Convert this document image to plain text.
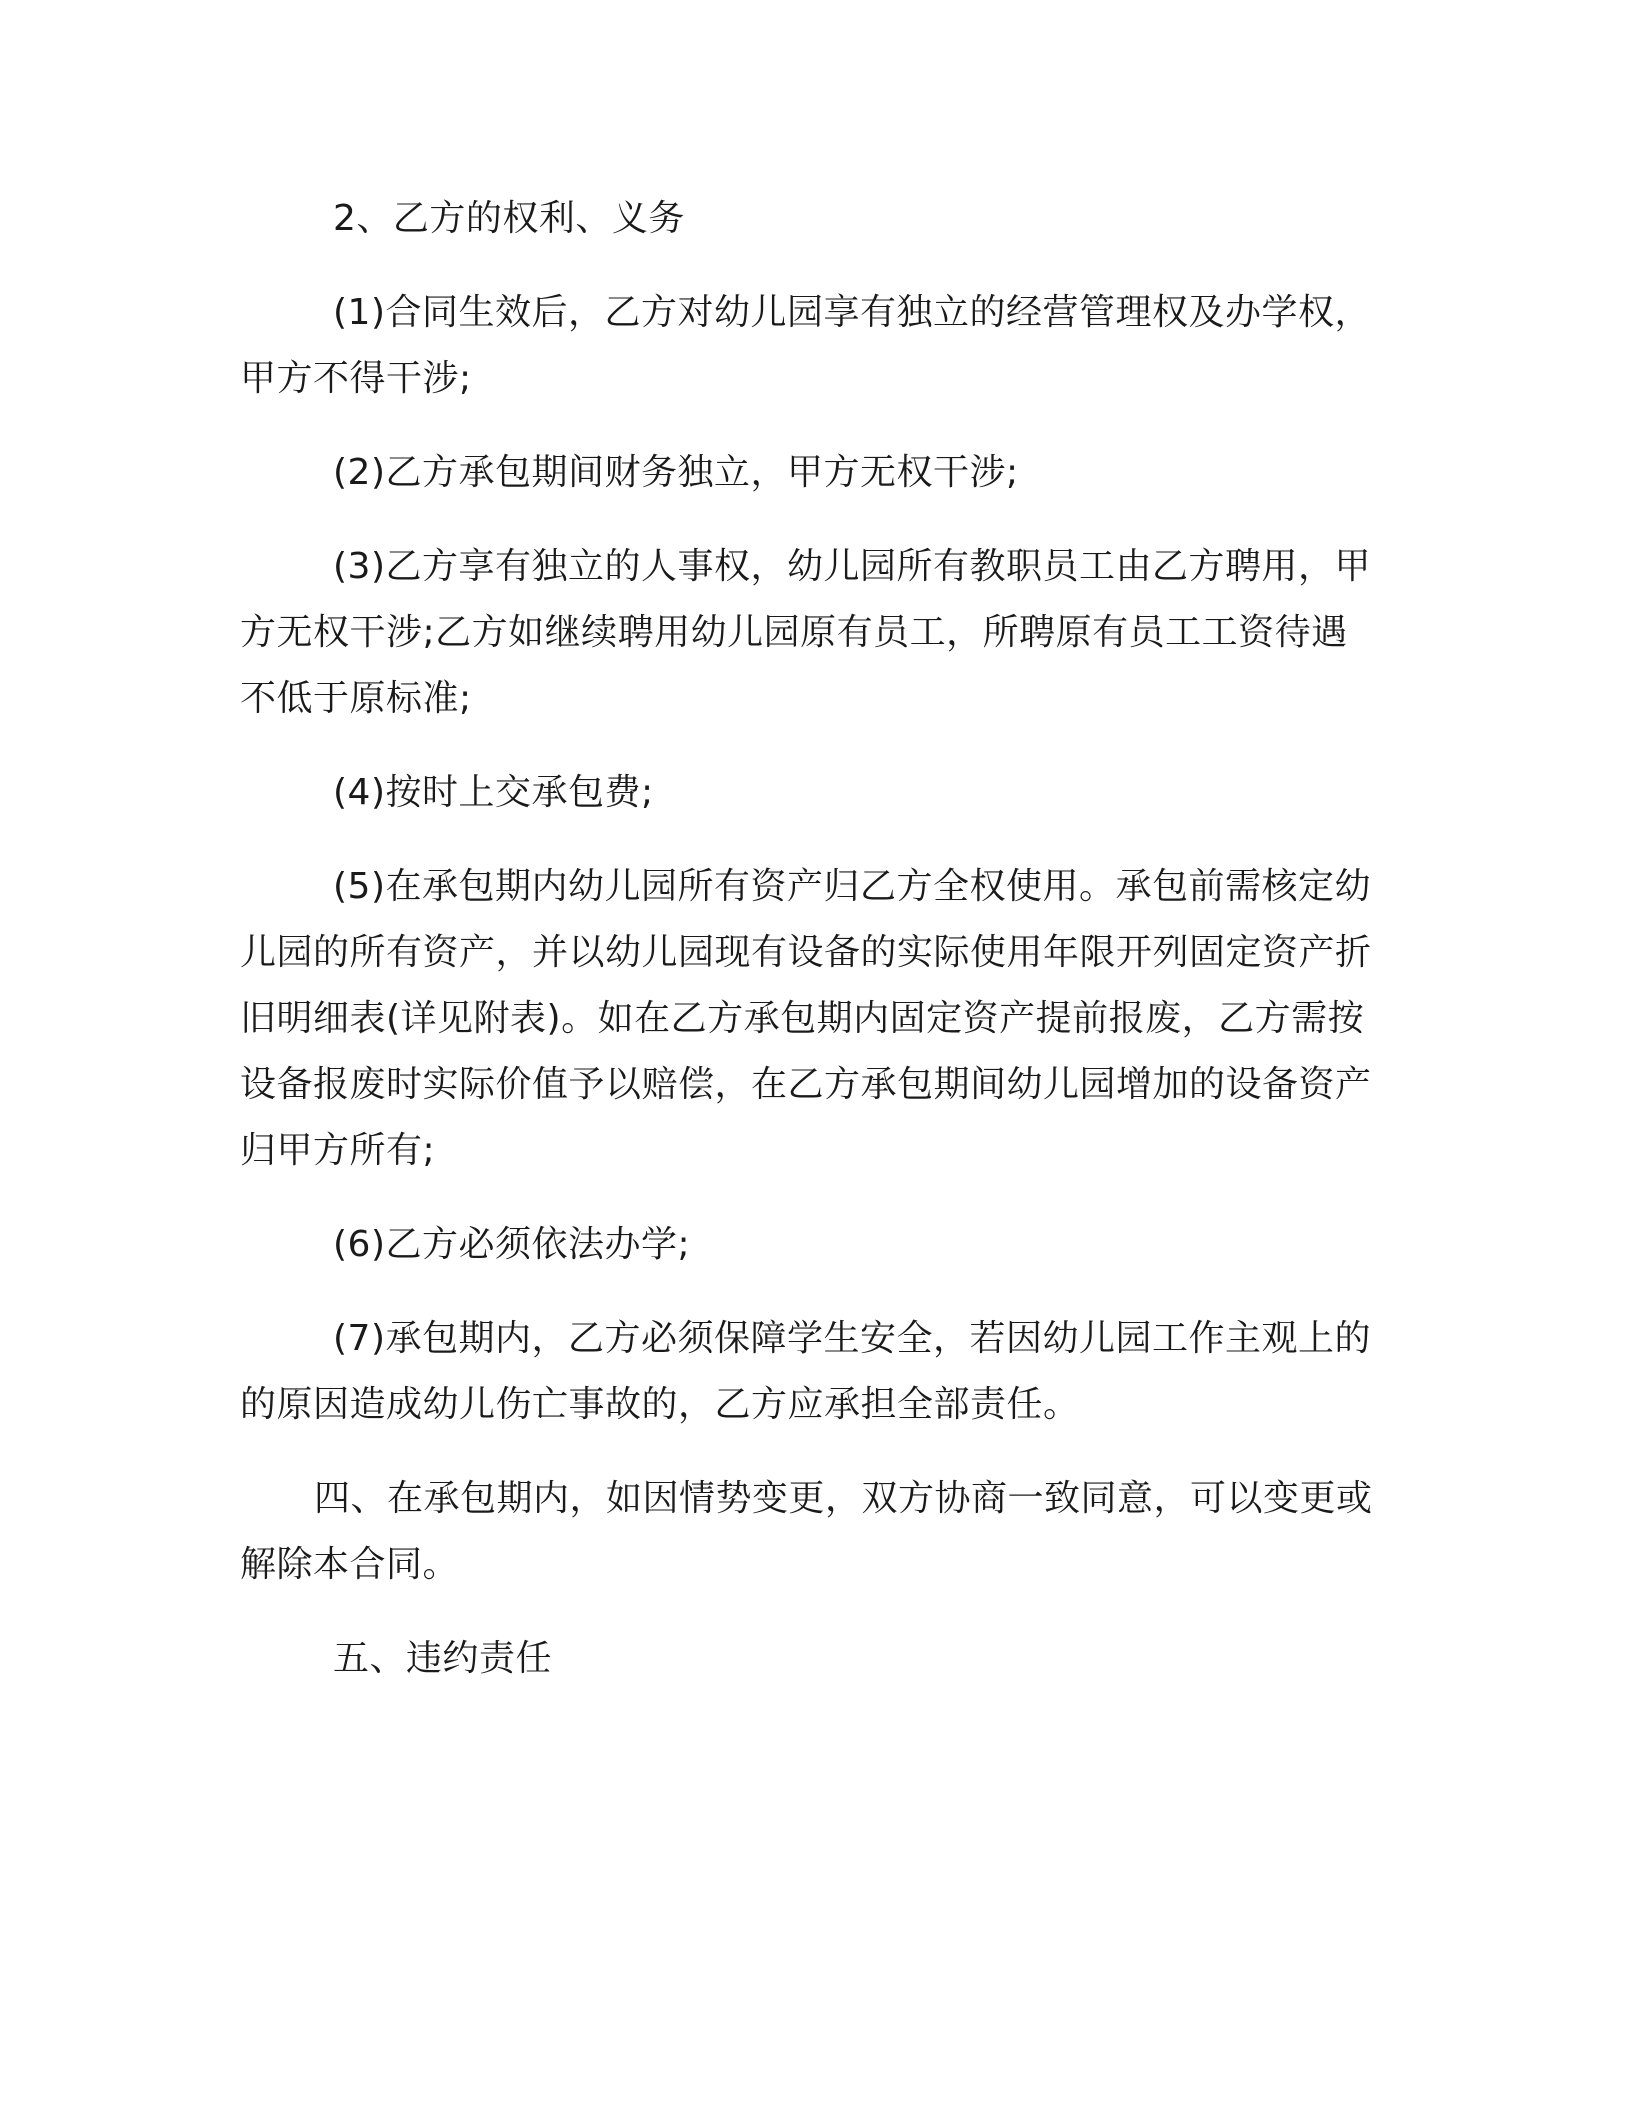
2、乙方的权利、义务

(1)合同生效后，乙方对幼儿园享有独立的经营管理权及办学权，甲方不得干涉;

(2)乙方承包期间财务独立，甲方无权干涉;

(3)乙方享有独立的人事权，幼儿园所有教职员工由乙方聘用，甲方无权干涉;乙方如继续聘用幼儿园原有员工，所聘原有员工工资待遇不低于原标准;

(4)按时上交承包费;

(5)在承包期内幼儿园所有资产归乙方全权使用。承包前需核定幼儿园的所有资产，并以幼儿园现有设备的实际使用年限开列固定资产折旧明细表(详见附表)。如在乙方承包期内固定资产提前报废，乙方需按设备报废时实际价值予以赔偿，在乙方承包期间幼儿园增加的设备资产归甲方所有;

(6)乙方必须依法办学;

(7)承包期内，乙方必须保障学生安全，若因幼儿园工作主观上的的原因造成幼儿伤亡事故的，乙方应承担全部责任。

四、在承包期内，如因情势变更，双方协商一致同意，可以变更或解除本合同。

五、违约责任
